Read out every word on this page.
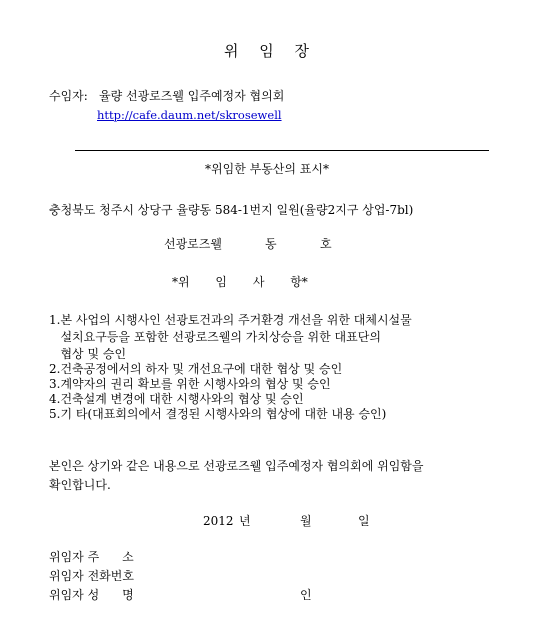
위 임 장
수임자: 율량 선광로즈웰 입주예정자 협의회
http://cafe.daum.net/skrosewell
*위임한 부동산의 표시*
충청북도 청주시 상당구 율량동 584-1번지 일원(율량2지구 상업-7bl)
선광로즈웰	동	호
*위 임 사 항*
1.본 사업의 시행사인 선광토건과의 주거환경 개선을 위한 대체시설물
설치요구등을 포함한 선광로즈웰의 가치상승을 위한 대표단의
협상 및 승인
2.건축공정에서의 하자 및 개선요구에 대한 협상 및 승인
3.계약자의 권리 확보를 위한 시행사와의 협상 및 승인
4.건축설계 변경에 대한 시행사와의 협상 및 승인
5.기 타(대표회의에서 결정된 시행사와의 협상에 대한 내용 승인)
본인은 상기와 같은 내용으로 선광로즈웰 입주예정자 협의회에 위임함을
확인합니다.
2012 년	월	일
위임자 주      소
위임자 전화번호
위임자 성      명	인
